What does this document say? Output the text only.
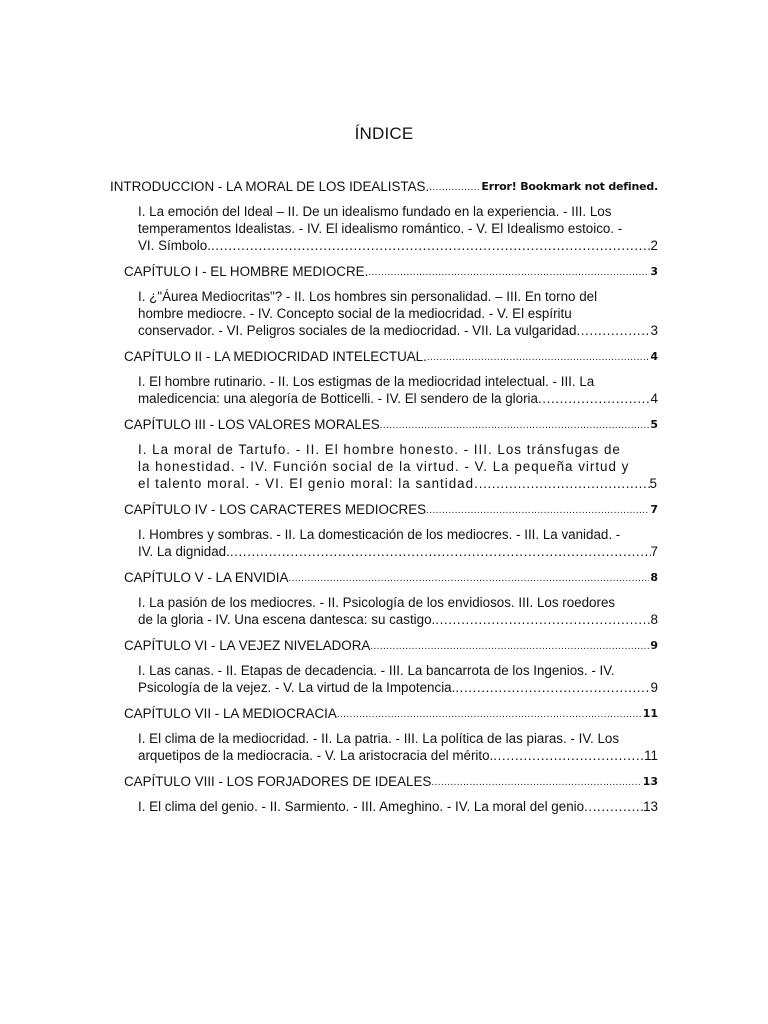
ÍNDICE
INTRODUCCION - LA MORAL DE LOS IDEALISTAS. .....	Error! Bookmark not defined.
I. La emoción del Ideal – II. De un idealismo fundado en la experiencia. - III. Los
temperamentos Idealistas. - IV. El idealismo romántico. - V. El Idealismo estoico. -
VI. Símbolo. .....	2
CAPÍTULO I - EL HOMBRE MEDIOCRE. .....	3
I. ¿"Áurea Mediocritas"? - II. Los hombres sin personalidad. – III. En torno del
hombre mediocre. - IV. Concepto social de la mediocridad. - V. El espíritu
conservador. - VI. Peligros sociales de la mediocridad. - VII. La vulgaridad .....	3
CAPÍTULO II - LA MEDIOCRIDAD INTELECTUAL. .....	4
I. El hombre rutinario. - II. Los estigmas de la mediocridad intelectual. - III. La
maledicencia: una alegoría de Botticelli. - IV. El sendero de la gloria .....	4
CAPÍTULO III - LOS VALORES MORALES .....	5
I. La moral de Tartufo. - II. El hombre honesto. - III. Los tránsfugas de
la honestidad. - IV. Función social de la virtud. - V. La pequeña virtud y
el talento moral. - VI. El genio moral: la santidad. .....	5
CAPÍTULO IV - LOS CARACTERES MEDIOCRES .....	7
I. Hombres y sombras. - II. La domesticación de los mediocres. - III. La vanidad. -
IV. La dignidad. .....	7
CAPÍTULO V - LA ENVIDIA .....	8
I. La pasión de los mediocres. - II. Psicología de los envidiosos. III. Los roedores
de la gloria - IV. Una escena dantesca: su castigo. .....	8
CAPÍTULO VI - LA VEJEZ NIVELADORA .....	9
I. Las canas. - II. Etapas de decadencia. - III. La bancarrota de los Ingenios. - IV.
Psicología de la vejez. - V. La virtud de la Impotencia. .....	9
CAPÍTULO VII - LA MEDIOCRACIA .....	11
I. El clima de la mediocridad. - II. La patria. - III. La política de las piaras. - IV. Los
arquetipos de la mediocracia. - V. La aristocracia del mérito. .....	11
CAPÍTULO VIII - LOS FORJADORES DE IDEALES .....	13
I. El clima del genio. - II. Sarmiento. - III. Ameghino. - IV. La moral del genio .....	13
